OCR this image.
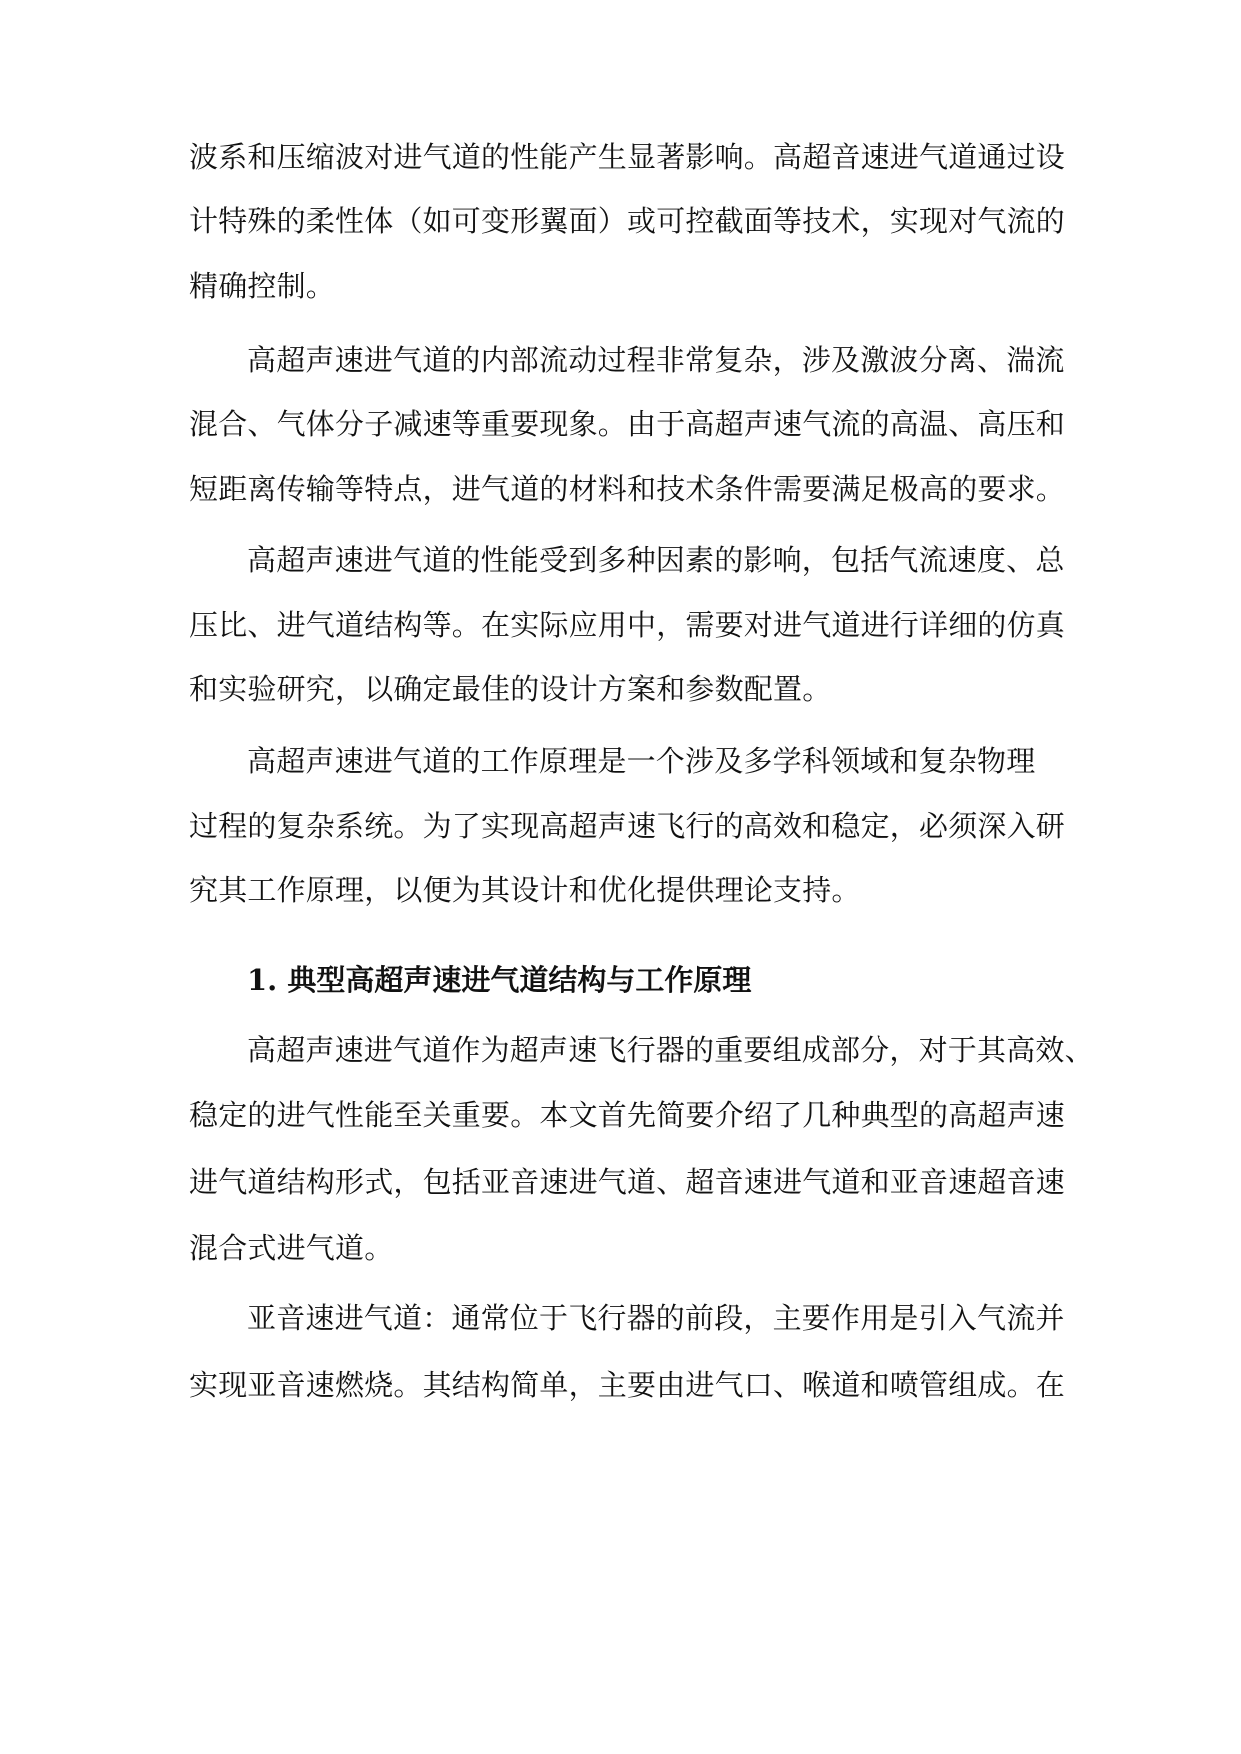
波系和压缩波对进气道的性能产生显著影响。高超音速进气道通过设
计特殊的柔性体（如可变形翼面）或可控截面等技术，实现对气流的
精确控制。
高超声速进气道的内部流动过程非常复杂，涉及激波分离、湍流
混合、气体分子减速等重要现象。由于高超声速气流的高温、高压和
短距离传输等特点，进气道的材料和技术条件需要满足极高的要求。
高超声速进气道的性能受到多种因素的影响，包括气流速度、总
压比、进气道结构等。在实际应用中，需要对进气道进行详细的仿真
和实验研究，以确定最佳的设计方案和参数配置。
高超声速进气道的工作原理是一个涉及多学科领域和复杂物理
过程的复杂系统。为了实现高超声速飞行的高效和稳定，必须深入研
究其工作原理，以便为其设计和优化提供理论支持。
1. 典型高超声速进气道结构与工作原理
高超声速进气道作为超声速飞行器的重要组成部分，对于其高效、
稳定的进气性能至关重要。本文首先简要介绍了几种典型的高超声速
进气道结构形式，包括亚音速进气道、超音速进气道和亚音速超音速
混合式进气道。
亚音速进气道：通常位于飞行器的前段，主要作用是引入气流并
实现亚音速燃烧。其结构简单，主要由进气口、喉道和喷管组成。在
